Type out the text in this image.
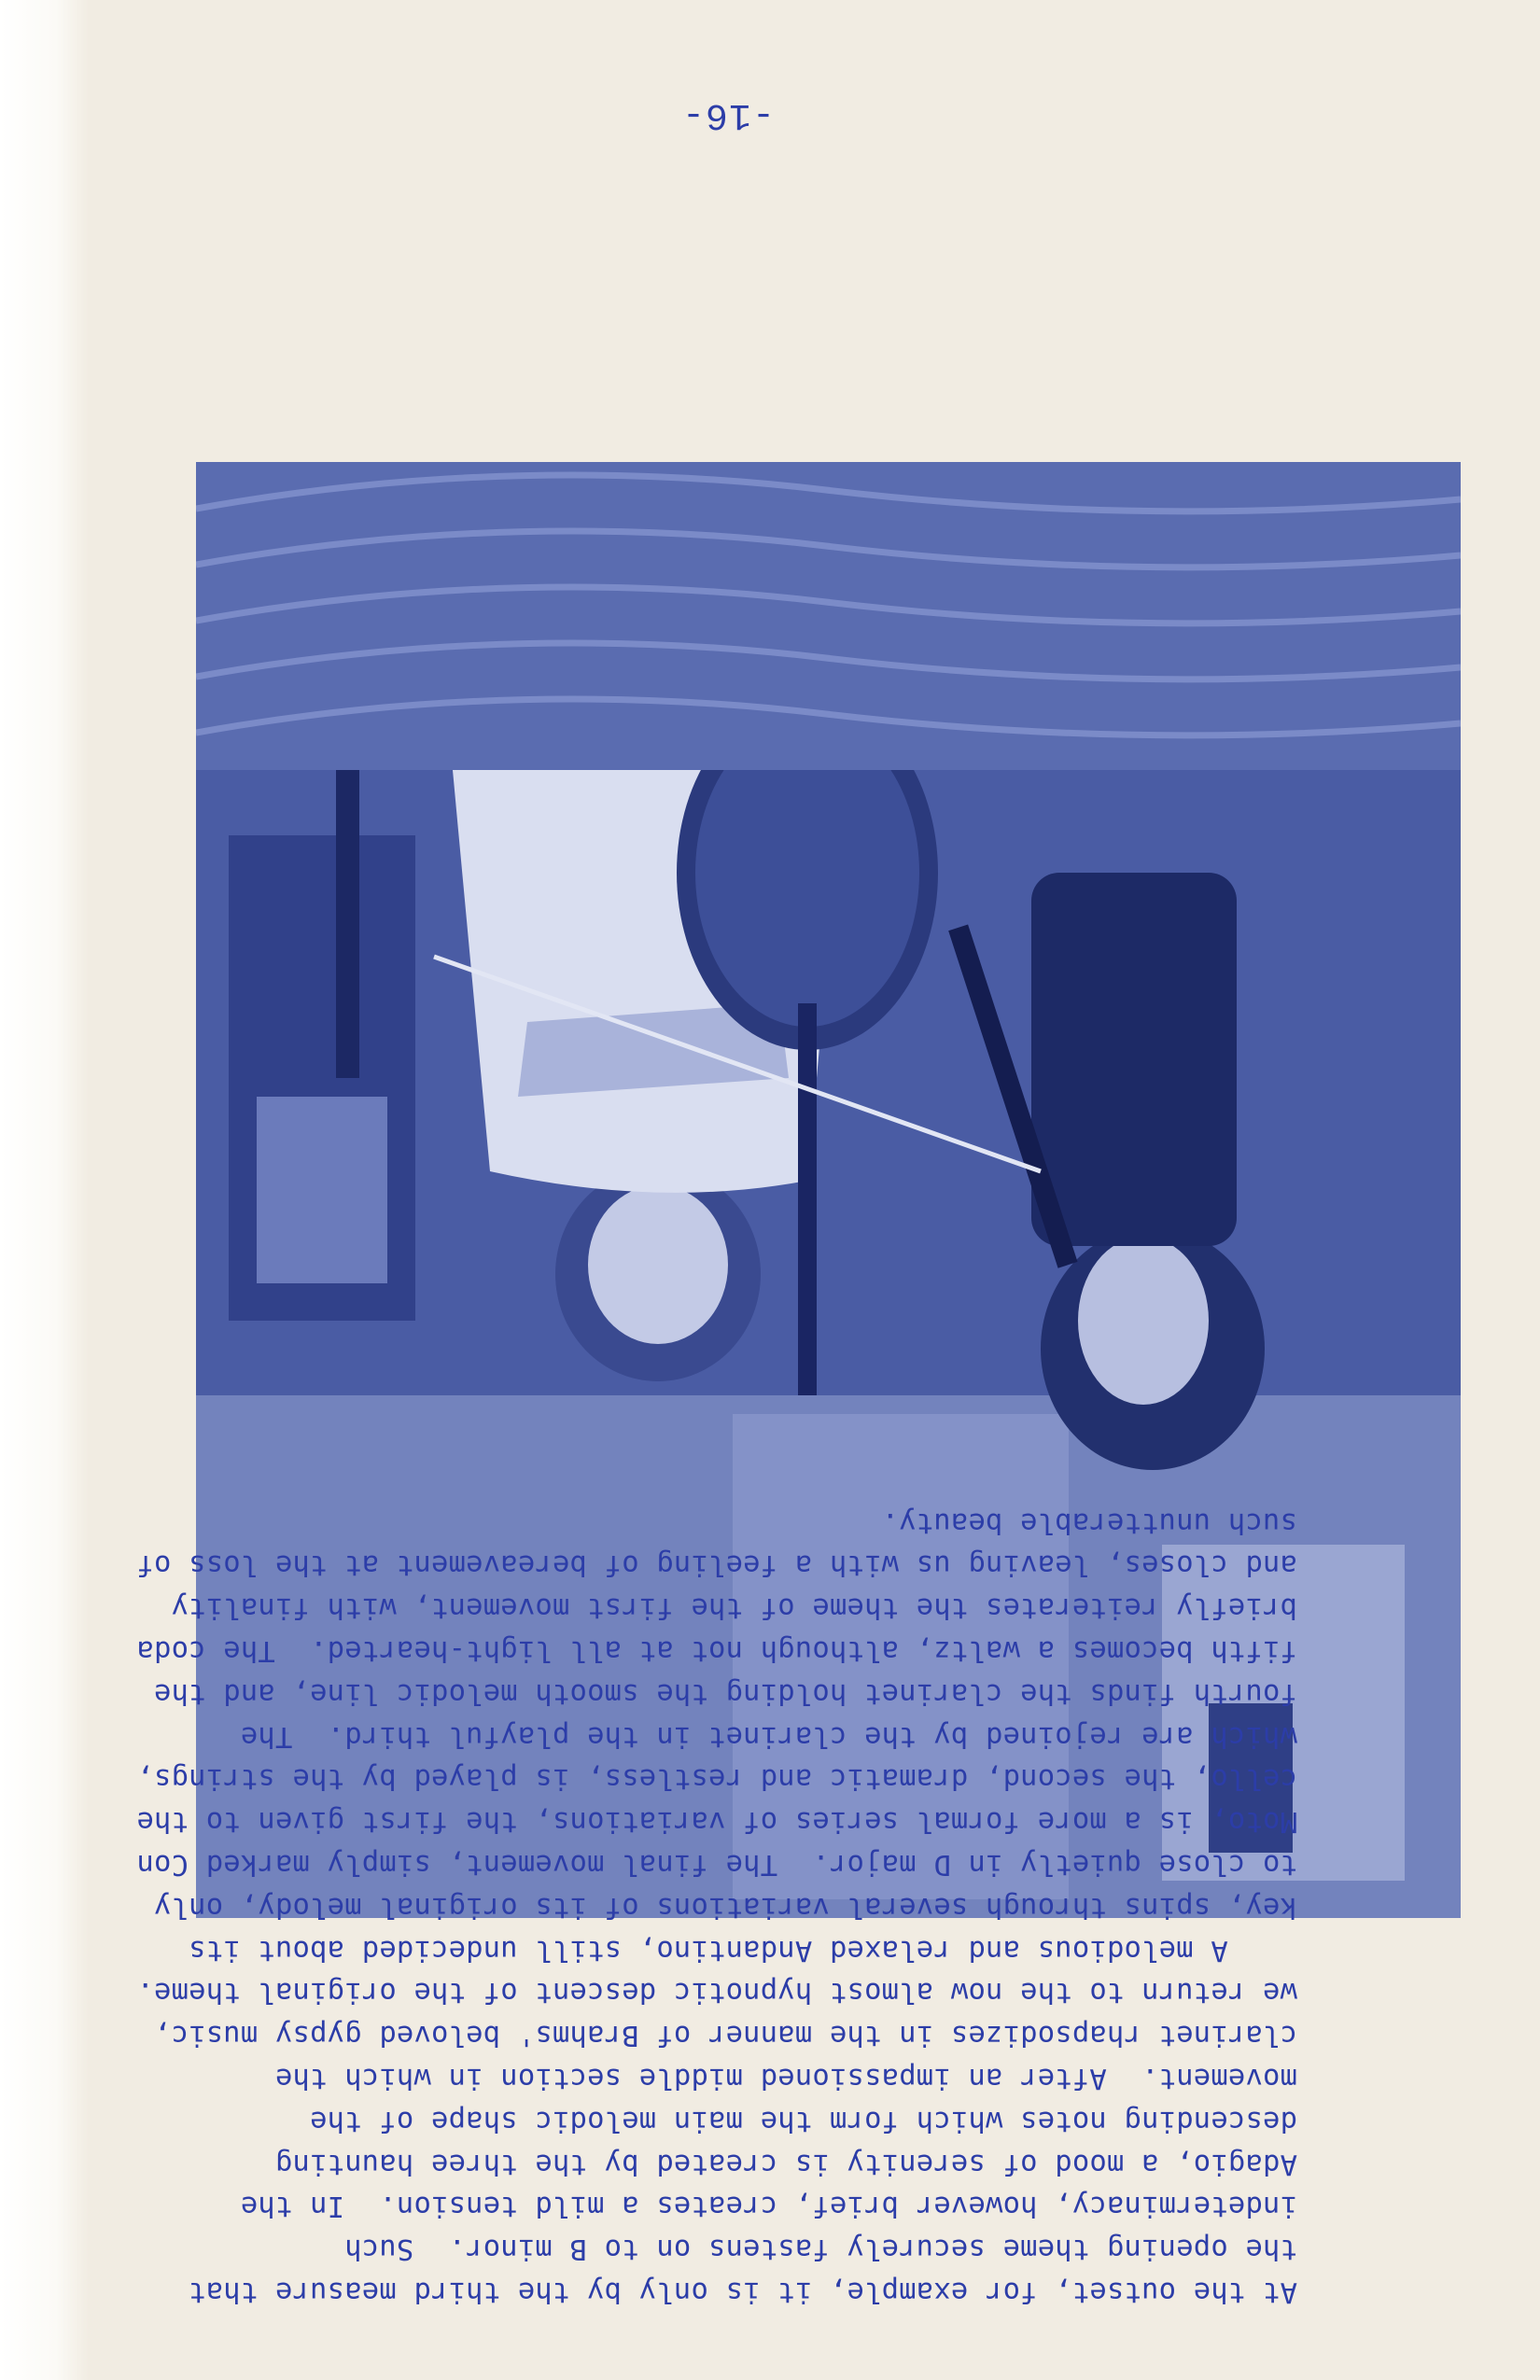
-16-
At the outset, for example, it is only by the third measure that
the opening theme securely fastens on to B minor.  Such
indeterminacy, however brief, creates a mild tension.  In the
Adagio, a mood of serenity is created by the three haunting
descending notes which form the main melodic shape of the
movement.  After an impassioned middle section in which the
clarinet rhapsodizes in the manner of Brahms' beloved gypsy music,
we return to the now almost hypnotic descent of the original theme.
A melodious and relaxed Andantino, still undecided about its
key, spins through several variations of its original melody, only
to close quietly in D major.  The final movement, simply marked Con
Moto, is a more formal series of variations, the first given to the
cello, the second, dramatic and restless, is played by the strings,
which are rejoined by the clarinet in the playful third.  The
fourth finds the clarinet holding the smooth melodic line, and the
fifth becomes a waltz, although not at all light-hearted.  The coda
briefly reiterates the theme of the first movement, with finality
and closes, leaving us with a feeling of bereavement at the loss of
such unutterable beauty.
